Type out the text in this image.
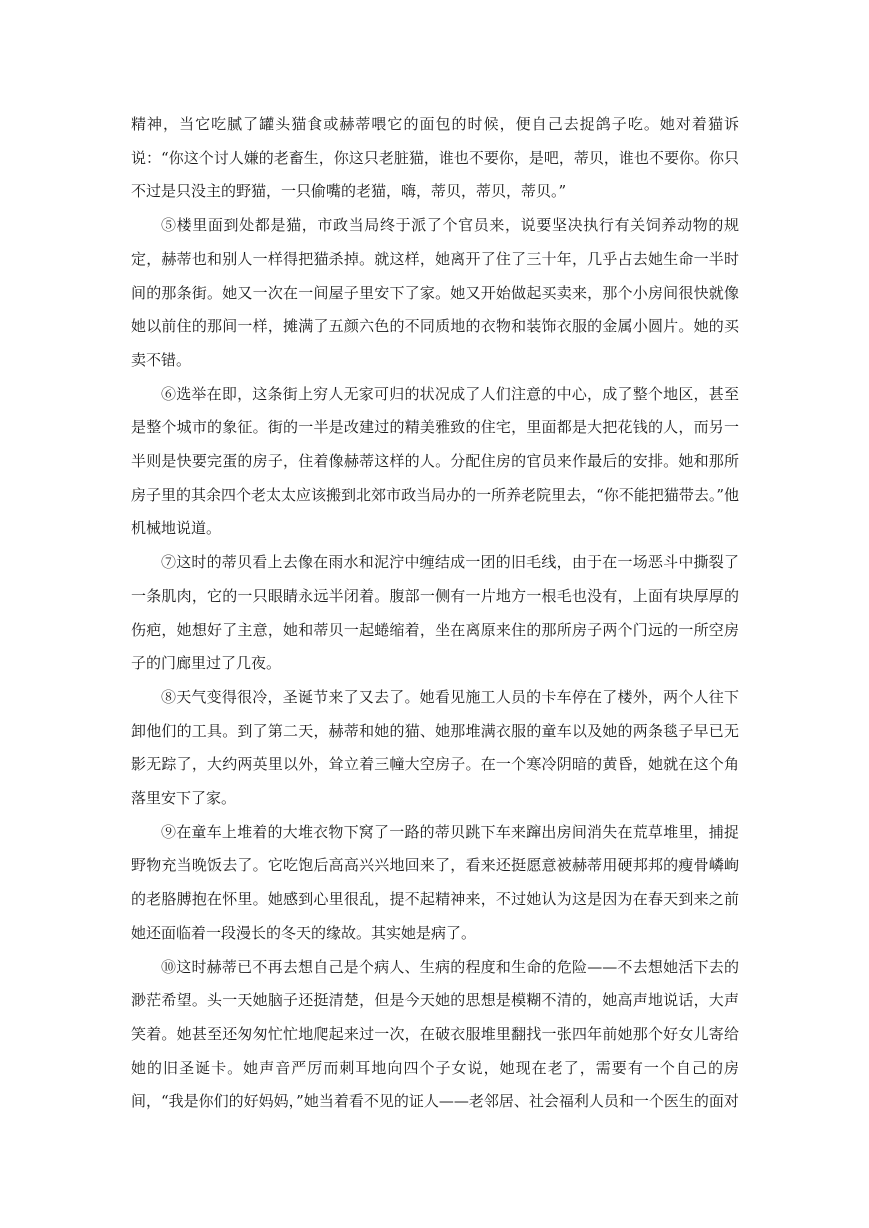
精神，当它吃腻了罐头猫食或赫蒂喂它的面包的时候，便自己去捉鸽子吃。她对着猫诉说：“你这个讨人嫌的老畜生，你这只老脏猫，谁也不要你，是吧，蒂贝，谁也不要你。你只不过是只没主的野猫，一只偷嘴的老猫，嗨，蒂贝，蒂贝，蒂贝。”

⑤楼里面到处都是猫，市政当局终于派了个官员来，说要坚决执行有关饲养动物的规定，赫蒂也和别人一样得把猫杀掉。就这样，她离开了住了三十年，几乎占去她生命一半时间的那条街。她又一次在一间屋子里安下了家。她又开始做起买卖来，那个小房间很快就像她以前住的那间一样，摊满了五颜六色的不同质地的衣物和装饰衣服的金属小圆片。她的买卖不错。

⑥选举在即，这条街上穷人无家可归的状况成了人们注意的中心，成了整个地区，甚至是整个城市的象征。街的一半是改建过的精美雅致的住宅，里面都是大把花钱的人，而另一半则是快要完蛋的房子，住着像赫蒂这样的人。分配住房的官员来作最后的安排。她和那所房子里的其余四个老太太应该搬到北郊市政当局办的一所养老院里去，“你不能把猫带去。”他机械地说道。

⑦这时的蒂贝看上去像在雨水和泥泞中缠结成一团的旧毛线，由于在一场恶斗中撕裂了一条肌肉，它的一只眼睛永远半闭着。腹部一侧有一片地方一根毛也没有，上面有块厚厚的伤疤，她想好了主意，她和蒂贝一起蜷缩着，坐在离原来住的那所房子两个门远的一所空房子的门廊里过了几夜。

⑧天气变得很冷，圣诞节来了又去了。她看见施工人员的卡车停在了楼外，两个人往下卸他们的工具。到了第二天，赫蒂和她的猫、她那堆满衣服的童车以及她的两条毯子早已无影无踪了，大约两英里以外，耸立着三幢大空房子。在一个寒冷阴暗的黄昏，她就在这个角落里安下了家。

⑨在童车上堆着的大堆衣物下窝了一路的蒂贝跳下车来蹿出房间消失在荒草堆里，捕捉野物充当晚饭去了。它吃饱后高高兴兴地回来了，看来还挺愿意被赫蒂用硬邦邦的瘦骨嶙峋的老胳膊抱在怀里。她感到心里很乱，提不起精神来，不过她认为这是因为在春天到来之前她还面临着一段漫长的冬天的缘故。其实她是病了。

⑩这时赫蒂已不再去想自己是个病人、生病的程度和生命的危险——不去想她活下去的渺茫希望。头一天她脑子还挺清楚，但是今天她的思想是模糊不清的，她高声地说话，大声笑着。她甚至还匆匆忙忙地爬起来过一次，在破衣服堆里翻找一张四年前她那个好女儿寄给她的旧圣诞卡。她声音严厉而刺耳地向四个子女说，她现在老了，需要有一个自己的房间，“我是你们的好妈妈，”她当着看不见的证人——老邻居、社会福利人员和一个医生的面对
